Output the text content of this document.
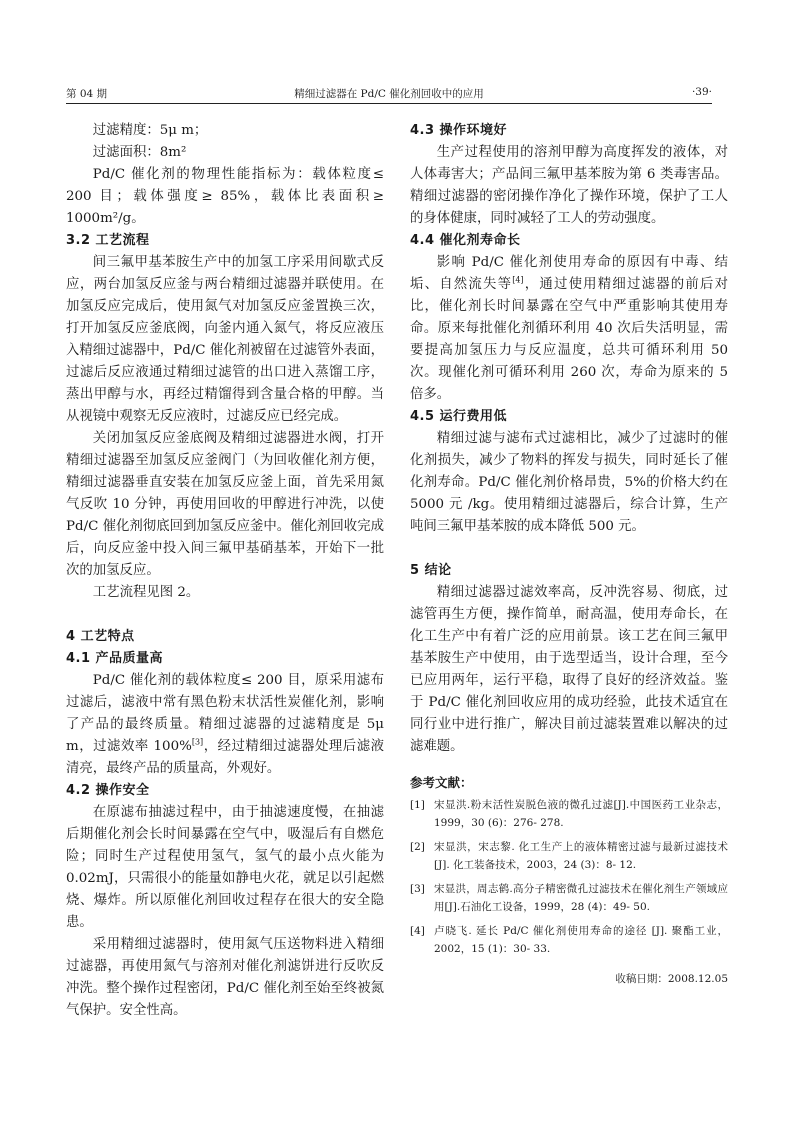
第 04 期	精细过滤器在 Pd/C 催化剂回收中的应用	·39·

过滤精度：5μ m；

过滤面积：8m²

Pd/C 催化剂的物理性能指标为：载体粒度≤ 200 目；载体强度≥ 85%，载体比表面积≥ 1000m²/g。

3.2 工艺流程

间三氟甲基苯胺生产中的加氢工序采用间歇式反应，两台加氢反应釜与两台精细过滤器并联使用。在加氢反应完成后，使用氮气对加氢反应釜置换三次，打开加氢反应釜底阀，向釜内通入氮气，将反应液压入精细过滤器中，Pd/C 催化剂被留在过滤管外表面，过滤后反应液通过精细过滤管的出口进入蒸馏工序，蒸出甲醇与水，再经过精馏得到含量合格的甲醇。当从视镜中观察无反应液时，过滤反应已经完成。

关闭加氢反应釜底阀及精细过滤器进水阀，打开精细过滤器至加氢反应釜阀门（为回收催化剂方便，精细过滤器垂直安装在加氢反应釜上面，首先采用氮气反吹 10 分钟，再使用回收的甲醇进行冲洗，以使 Pd/C 催化剂彻底回到加氢反应釜中。催化剂回收完成后，向反应釜中投入间三氟甲基硝基苯，开始下一批次的加氢反应。

工艺流程见图 2。

4 工艺特点
4.1 产品质量高

Pd/C 催化剂的载体粒度≤ 200 目，原采用滤布过滤后，滤液中常有黑色粉末状活性炭催化剂，影响了产品的最终质量。精细过滤器的过滤精度是 5μ m，过滤效率 100%[3]，经过精细过滤器处理后滤液清亮，最终产品的质量高，外观好。

4.2 操作安全

在原滤布抽滤过程中，由于抽滤速度慢，在抽滤后期催化剂会长时间暴露在空气中，吸湿后有自燃危险；同时生产过程使用氢气，氢气的最小点火能为 0.02mJ，只需很小的能量如静电火花，就足以引起燃烧、爆炸。所以原催化剂回收过程存在很大的安全隐患。

采用精细过滤器时，使用氮气压送物料进入精细过滤器，再使用氮气与溶剂对催化剂滤饼进行反吹反冲洗。整个操作过程密闭，Pd/C 催化剂至始至终被氮气保护。安全性高。

4.3 操作环境好

生产过程使用的溶剂甲醇为高度挥发的液体，对人体毒害大；产品间三氟甲基苯胺为第 6 类毒害品。精细过滤器的密闭操作净化了操作环境，保护了工人的身体健康，同时减轻了工人的劳动强度。

4.4 催化剂寿命长

影响 Pd/C 催化剂使用寿命的原因有中毒、结垢、自然流失等[4]，通过使用精细过滤器的前后对比，催化剂长时间暴露在空气中严重影响其使用寿命。原来每批催化剂循环利用 40 次后失活明显，需要提高加氢压力与反应温度，总共可循环利用 50 次。现催化剂可循环利用 260 次，寿命为原来的 5 倍多。

4.5 运行费用低

精细过滤与滤布式过滤相比，减少了过滤时的催化剂损失，减少了物料的挥发与损失，同时延长了催化剂寿命。Pd/C 催化剂价格昂贵，5%的价格大约在 5000 元 /kg。使用精细过滤器后，综合计算，生产吨间三氟甲基苯胺的成本降低 500 元。

5 结论

精细过滤器过滤效率高，反冲洗容易、彻底，过滤管再生方便，操作简单，耐高温，使用寿命长，在化工生产中有着广泛的应用前景。该工艺在间三氟甲基苯胺生产中使用，由于选型适当，设计合理，至今已应用两年，运行平稳，取得了良好的经济效益。鉴于 Pd/C 催化剂回收应用的成功经验，此技术适宜在同行业中进行推广，解决目前过滤装置难以解决的过滤难题。

参考文献：
[1] 宋显洪.粉末活性炭脱色液的微孔过滤[J].中国医药工业杂志，1999，30 (6)：276- 278.
[2] 宋显洪，宋志黎. 化工生产上的液体精密过滤与最新过滤技术[J]. 化工装备技术，2003，24 (3)：8- 12.
[3] 宋显洪，周志鹤.高分子精密微孔过滤技术在催化剂生产领域应用[J].石油化工设备，1999，28 (4)：49- 50.
[4] 卢晓飞. 延长 Pd/C 催化剂使用寿命的途径 [J]. 聚酯工业，2002，15 (1)：30- 33.
收稿日期：2008.12.05
